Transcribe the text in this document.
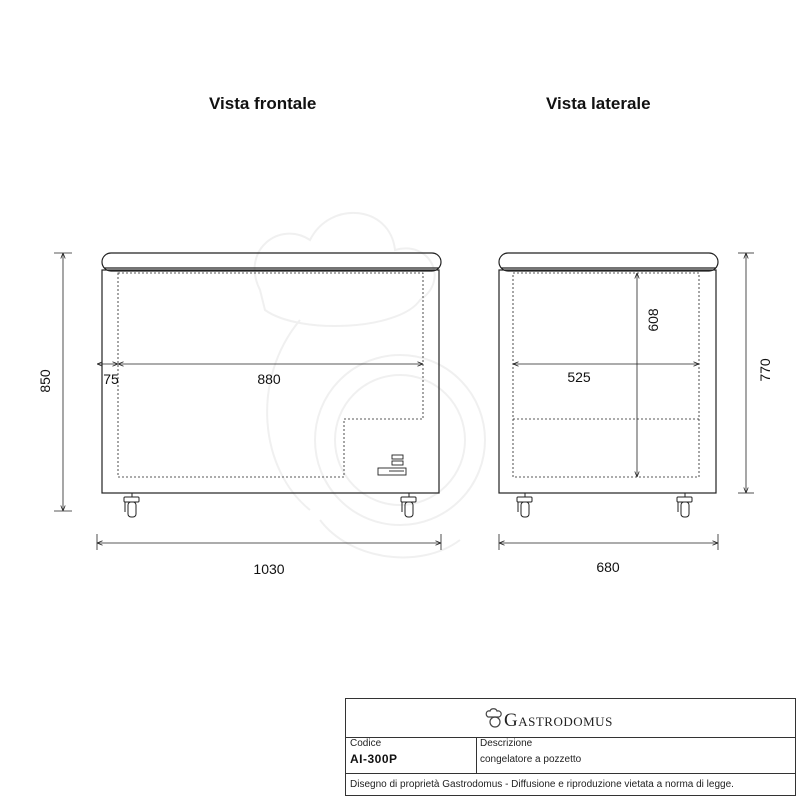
Vista frontale	Vista laterale
850	75	880
1030
608
525	770
680
Gastrodomus
Codice
AI-300P
Descrizione
congelatore a pozzetto
Disegno di proprietà Gastrodomus - Diffusione e riproduzione vietata a norma di legge.
